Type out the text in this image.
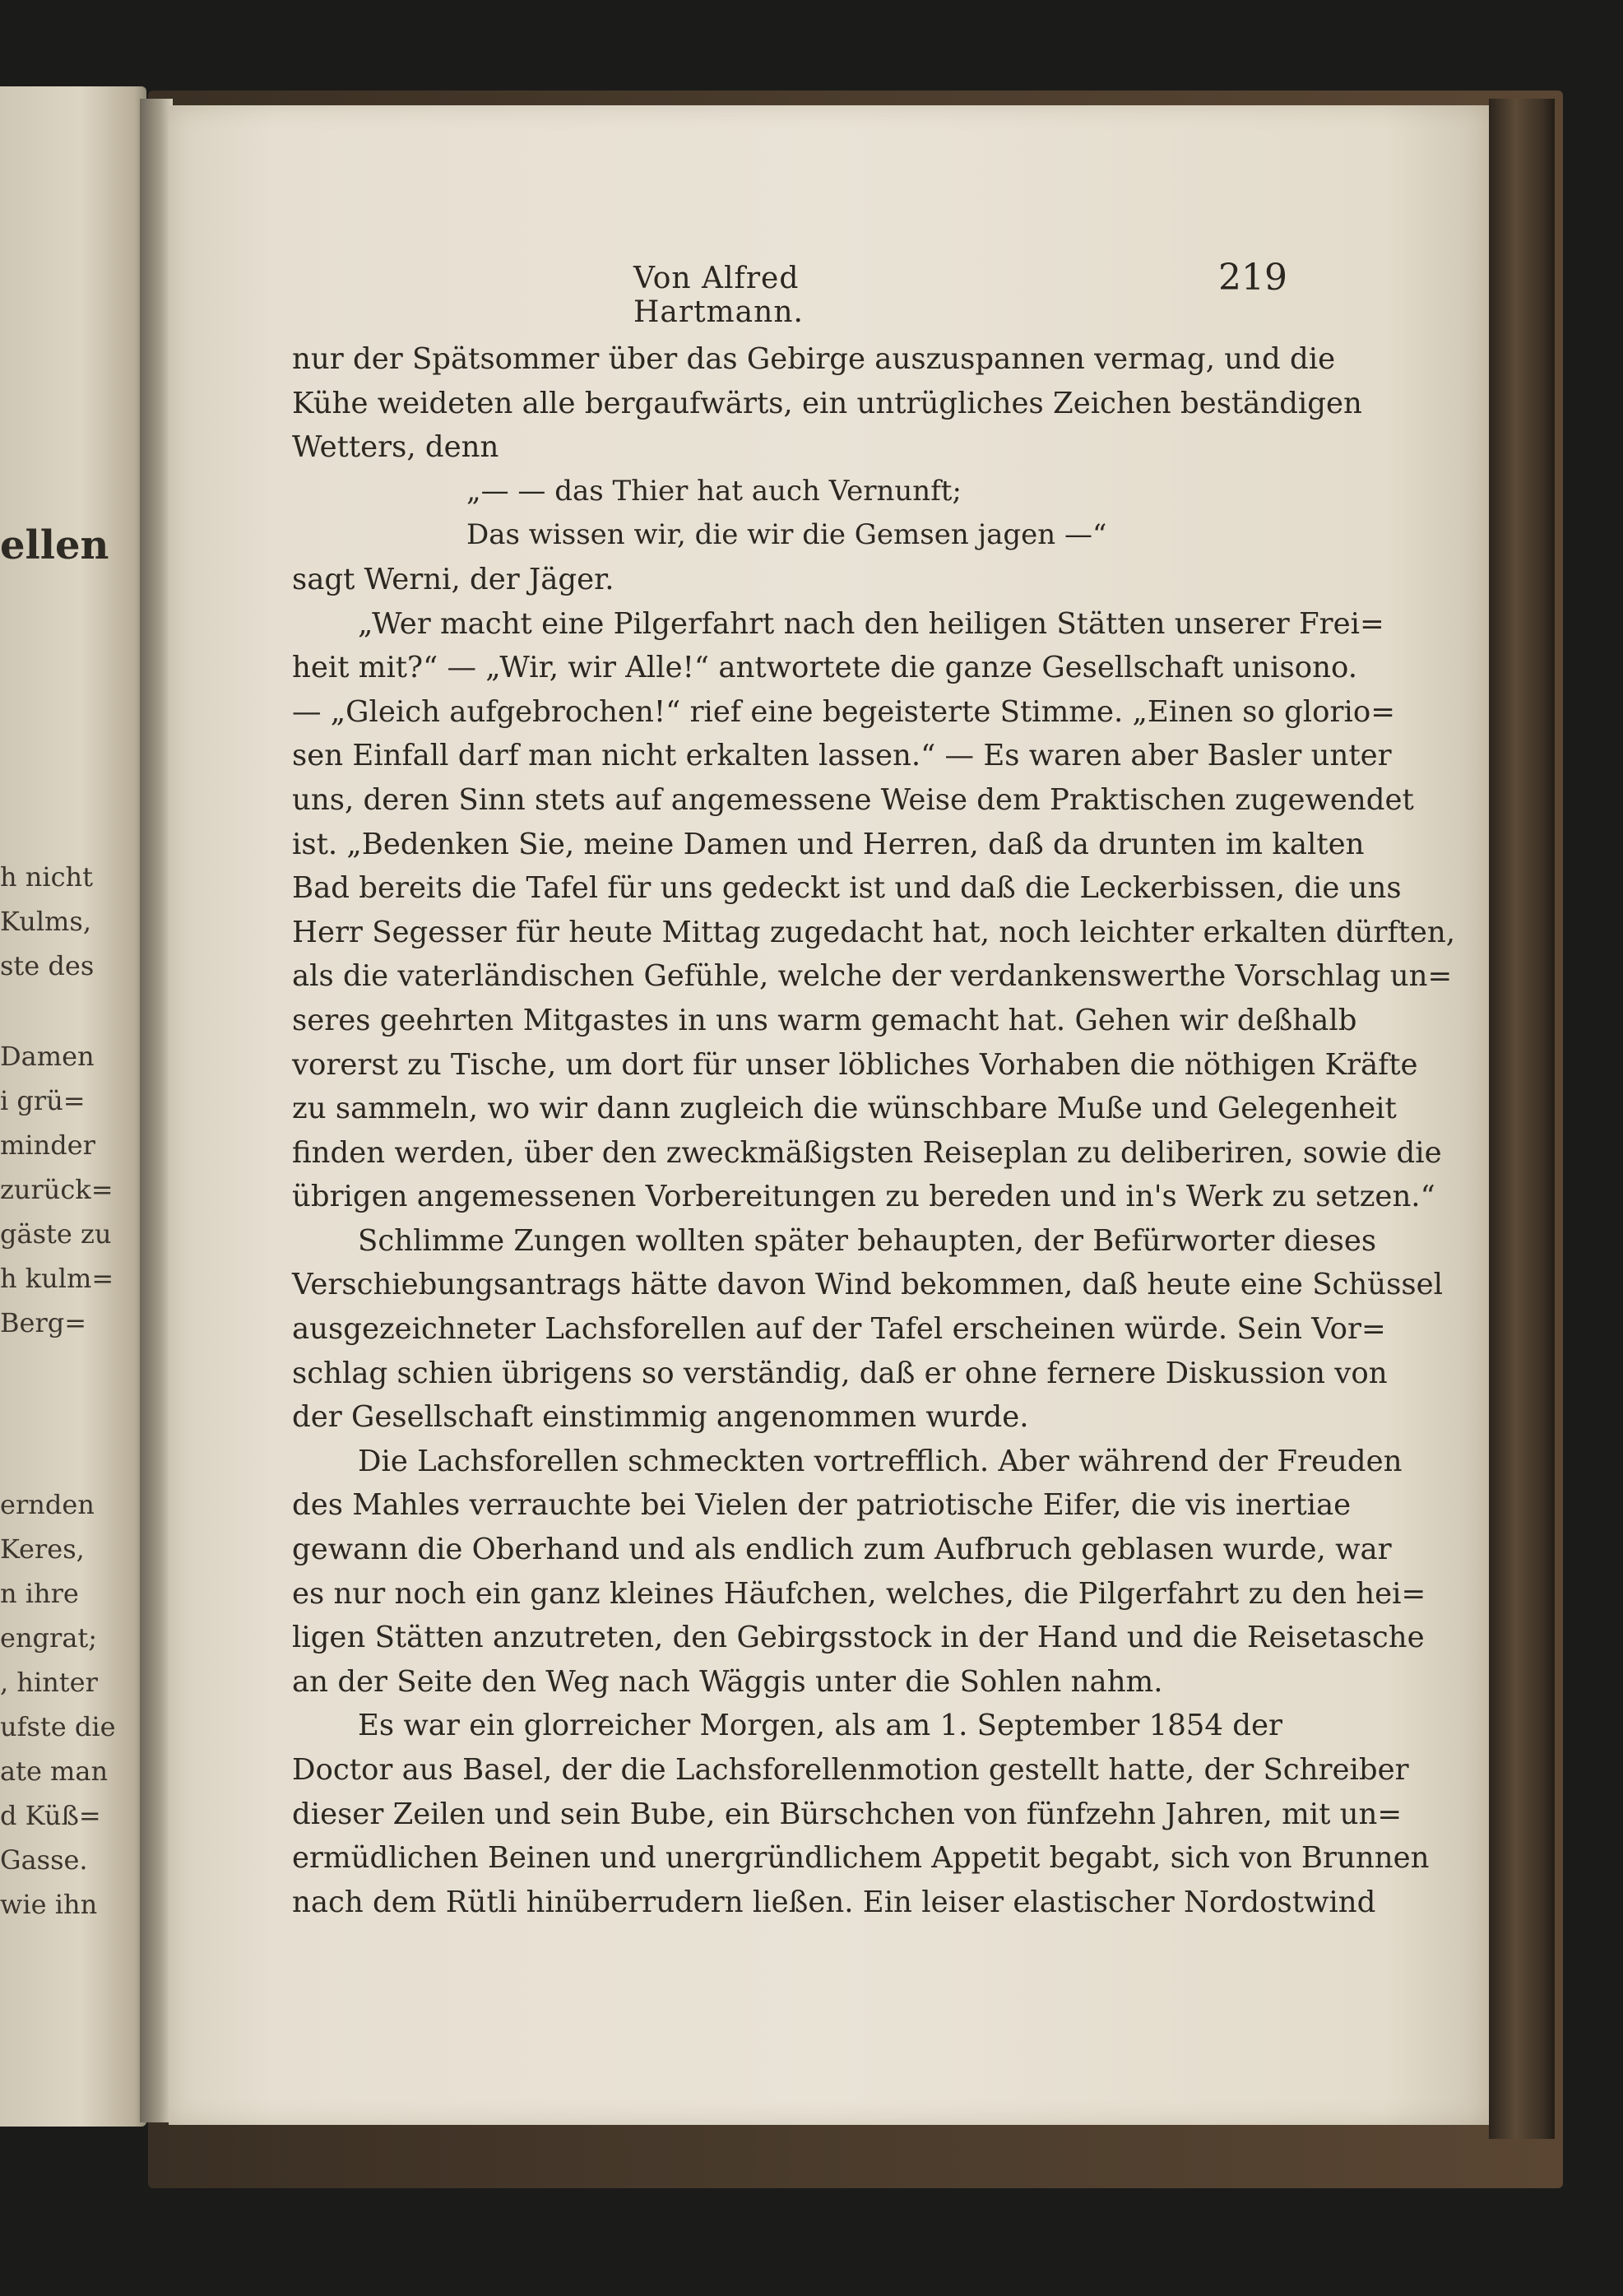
ellen
h nicht
Kulms,
ste des
Damen
i grü=
minder
zurück=
gäste zu
h kulm=
Berg=
ernden
Keres,
n ihre
engrat;
, hinter
ufste die
ate man
d Küß=
Gasse.
wie ihn
Von Alfred Hartmann.
219
nur der Spätsommer über das Gebirge auszuspannen vermag, und die
Kühe weideten alle bergaufwärts, ein untrügliches Zeichen beständigen
Wetters, denn
„— — das Thier hat auch Vernunft;
Das wissen wir, die wir die Gemsen jagen —“
sagt Werni, der Jäger.
„Wer macht eine Pilgerfahrt nach den heiligen Stätten unserer Frei=
heit mit?“ — „Wir, wir Alle!“ antwortete die ganze Gesellschaft unisono.
— „Gleich aufgebrochen!“ rief eine begeisterte Stimme. „Einen so glorio=
sen Einfall darf man nicht erkalten lassen.“ — Es waren aber Basler unter
uns, deren Sinn stets auf angemessene Weise dem Praktischen zugewendet
ist. „Bedenken Sie, meine Damen und Herren, daß da drunten im kalten
Bad bereits die Tafel für uns gedeckt ist und daß die Leckerbissen, die uns
Herr Segesser für heute Mittag zugedacht hat, noch leichter erkalten dürften,
als die vaterländischen Gefühle, welche der verdankenswerthe Vorschlag un=
seres geehrten Mitgastes in uns warm gemacht hat. Gehen wir deßhalb
vorerst zu Tische, um dort für unser löbliches Vorhaben die nöthigen Kräfte
zu sammeln, wo wir dann zugleich die wünschbare Muße und Gelegenheit
finden werden, über den zweckmäßigsten Reiseplan zu deliberiren, sowie die
übrigen angemessenen Vorbereitungen zu bereden und in's Werk zu setzen.“
Schlimme Zungen wollten später behaupten, der Befürworter dieses
Verschiebungsantrags hätte davon Wind bekommen, daß heute eine Schüssel
ausgezeichneter Lachsforellen auf der Tafel erscheinen würde. Sein Vor=
schlag schien übrigens so verständig, daß er ohne fernere Diskussion von
der Gesellschaft einstimmig angenommen wurde.
Die Lachsforellen schmeckten vortrefflich. Aber während der Freuden
des Mahles verrauchte bei Vielen der patriotische Eifer, die vis inertiae
gewann die Oberhand und als endlich zum Aufbruch geblasen wurde, war
es nur noch ein ganz kleines Häufchen, welches, die Pilgerfahrt zu den hei=
ligen Stätten anzutreten, den Gebirgsstock in der Hand und die Reisetasche
an der Seite den Weg nach Wäggis unter die Sohlen nahm.
Es war ein glorreicher Morgen, als am 1. September 1854 der
Doctor aus Basel, der die Lachsforellenmotion gestellt hatte, der Schreiber
dieser Zeilen und sein Bube, ein Bürschchen von fünfzehn Jahren, mit un=
ermüdlichen Beinen und unergründlichem Appetit begabt, sich von Brunnen
nach dem Rütli hinüberrudern ließen. Ein leiser elastischer Nordostwind
